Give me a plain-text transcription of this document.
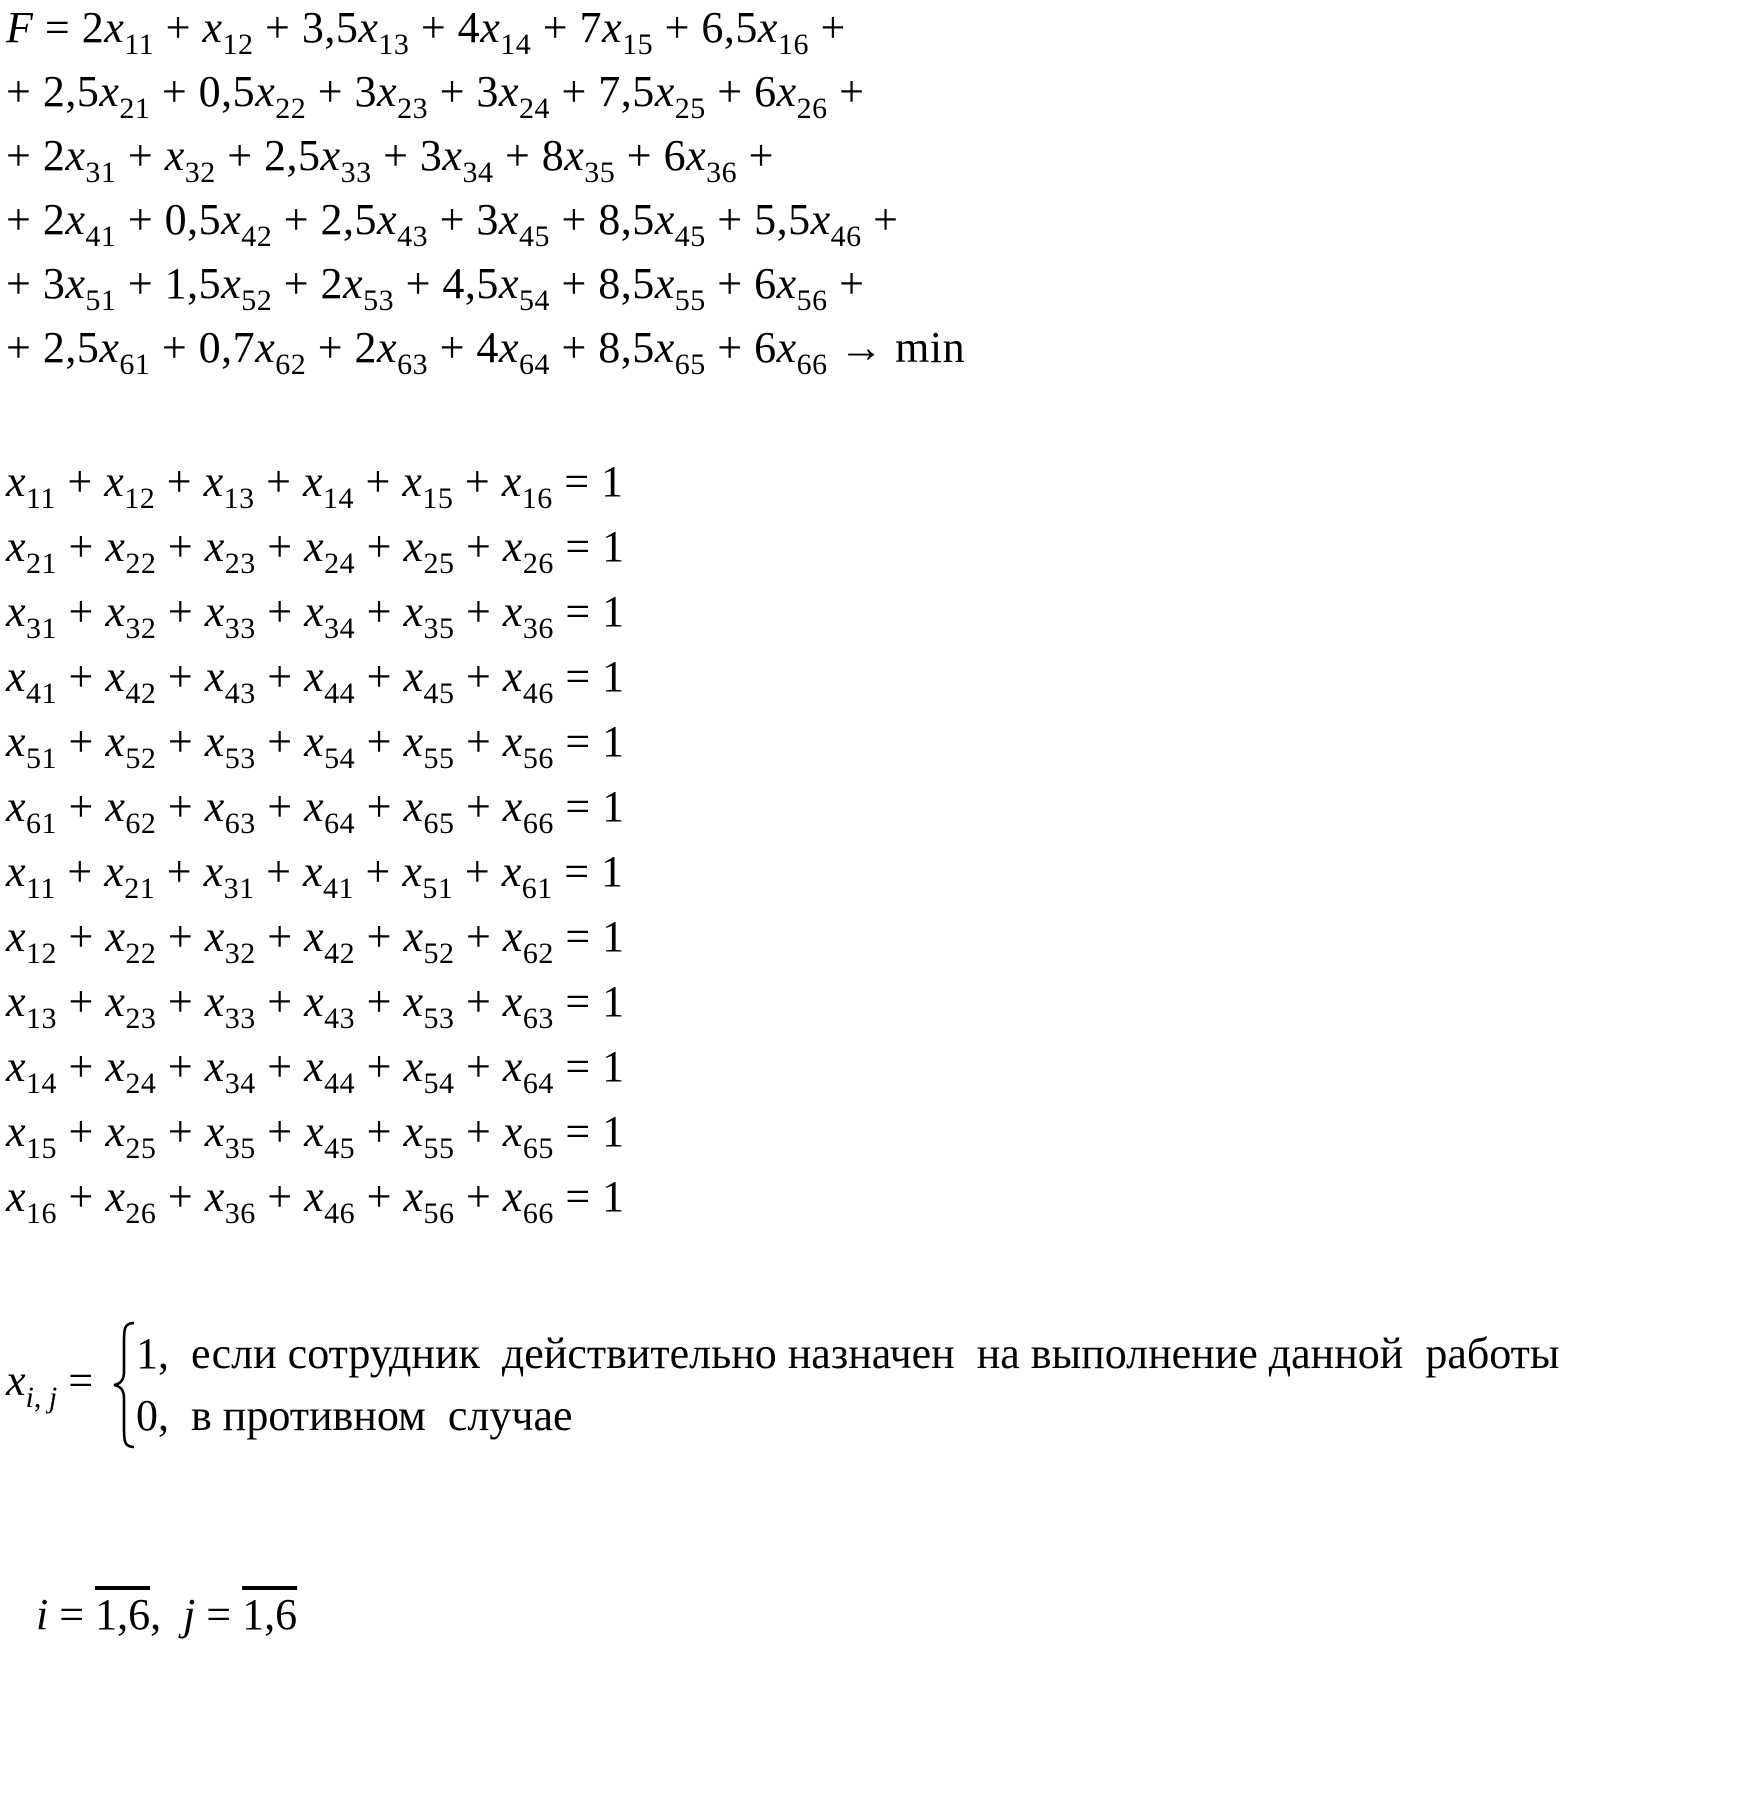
$F = 2x_{11} + x_{12} + 3,5x_{13} + 4x_{14} + 7x_{15} + 6,5x_{16}$ +
+ $2,5x_{21} + 0,5x_{22} + 3x_{23} + 3x_{24} + 7,5x_{25} + 6x_{26}$ +
+ $2x_{31} + x_{32} + 2,5x_{33} + 3x_{34} + 8x_{35} + 6x_{36}$ +
+ $2x_{41} + 0,5x_{42} + 2,5x_{43} + 3x_{45} + 8,5x_{45} + 5,5x_{46}$ +
+ $3x_{51} + 1,5x_{52} + 2x_{53} + 4,5x_{54} + 8,5x_{55} + 6x_{56}$ +
+ $2,5x_{61} + 0,7x_{62} + 2x_{63} + 4x_{64} + 8,5x_{65} + 6x_{66} \to \min$
$x_{11} + x_{12} + x_{13} + x_{14} + x_{15} + x_{16} = 1$
$x_{21} + x_{22} + x_{23} + x_{24} + x_{25} + x_{26} = 1$
$x_{31} + x_{32} + x_{33} + x_{34} + x_{35} + x_{36} = 1$
$x_{41} + x_{42} + x_{43} + x_{44} + x_{45} + x_{46} = 1$
$x_{51} + x_{52} + x_{53} + x_{54} + x_{55} + x_{56} = 1$
$x_{61} + x_{62} + x_{63} + x_{64} + x_{65} + x_{66} = 1$
$x_{11} + x_{21} + x_{31} + x_{41} + x_{51} + x_{61} = 1$
$x_{12} + x_{22} + x_{32} + x_{42} + x_{52} + x_{62} = 1$
$x_{13} + x_{23} + x_{33} + x_{43} + x_{53} + x_{63} = 1$
$x_{14} + x_{24} + x_{34} + x_{44} + x_{54} + x_{64} = 1$
$x_{15} + x_{25} + x_{35} + x_{45} + x_{55} + x_{65} = 1$
$x_{16} + x_{26} + x_{36} + x_{46} + x_{56} + x_{66} = 1$
$x_{i, j}$ =
1,  если сотрудник  действительно назначен  на выполнение данной  работы
0,  в противном  случае

i = 1,6,  j = 1,6
